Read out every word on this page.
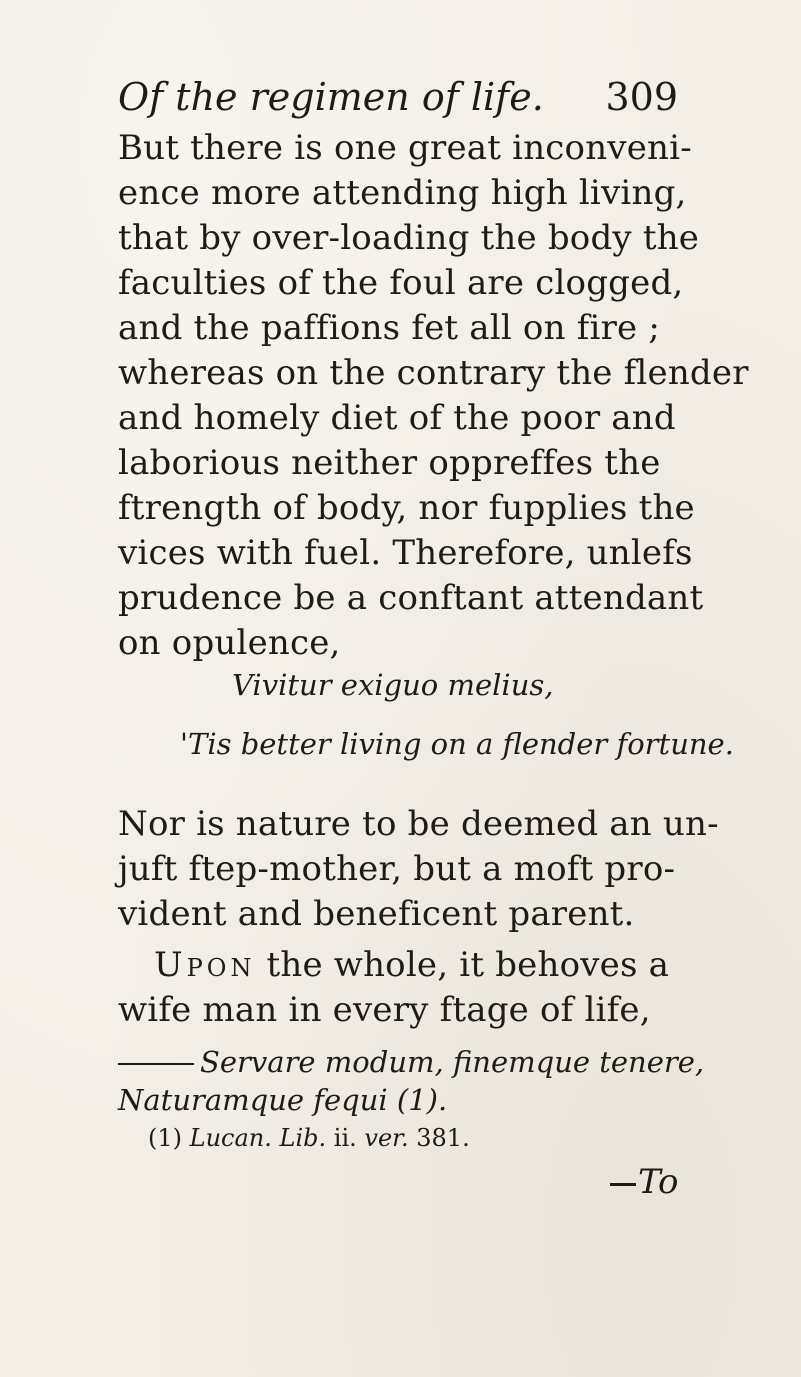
Of the regimen of life. 309
But there is one great inconveni-
ence more attending high living,
that by over-loading the body the
faculties of the foul are clogged,
and the paffions fet all on fire ;
whereas on the contrary the flender
and homely diet of the poor and
laborious neither oppreffes the
ftrength of body, nor fupplies the
vices with fuel. Therefore, unlefs
prudence be a conftant attendant
on opulence,
Vivitur exiguo melius,
'Tis better living on a flender fortune.
Nor is nature to be deemed an un-
juft ftep-mother, but a moft pro-
vident and beneficent parent.
Upon the whole, it behoves a
wife man in every ftage of life,
Servare modum, finemque tenere,
Naturamque fequi (1).
(1) Lucan. Lib. ii. ver. 381.
To
